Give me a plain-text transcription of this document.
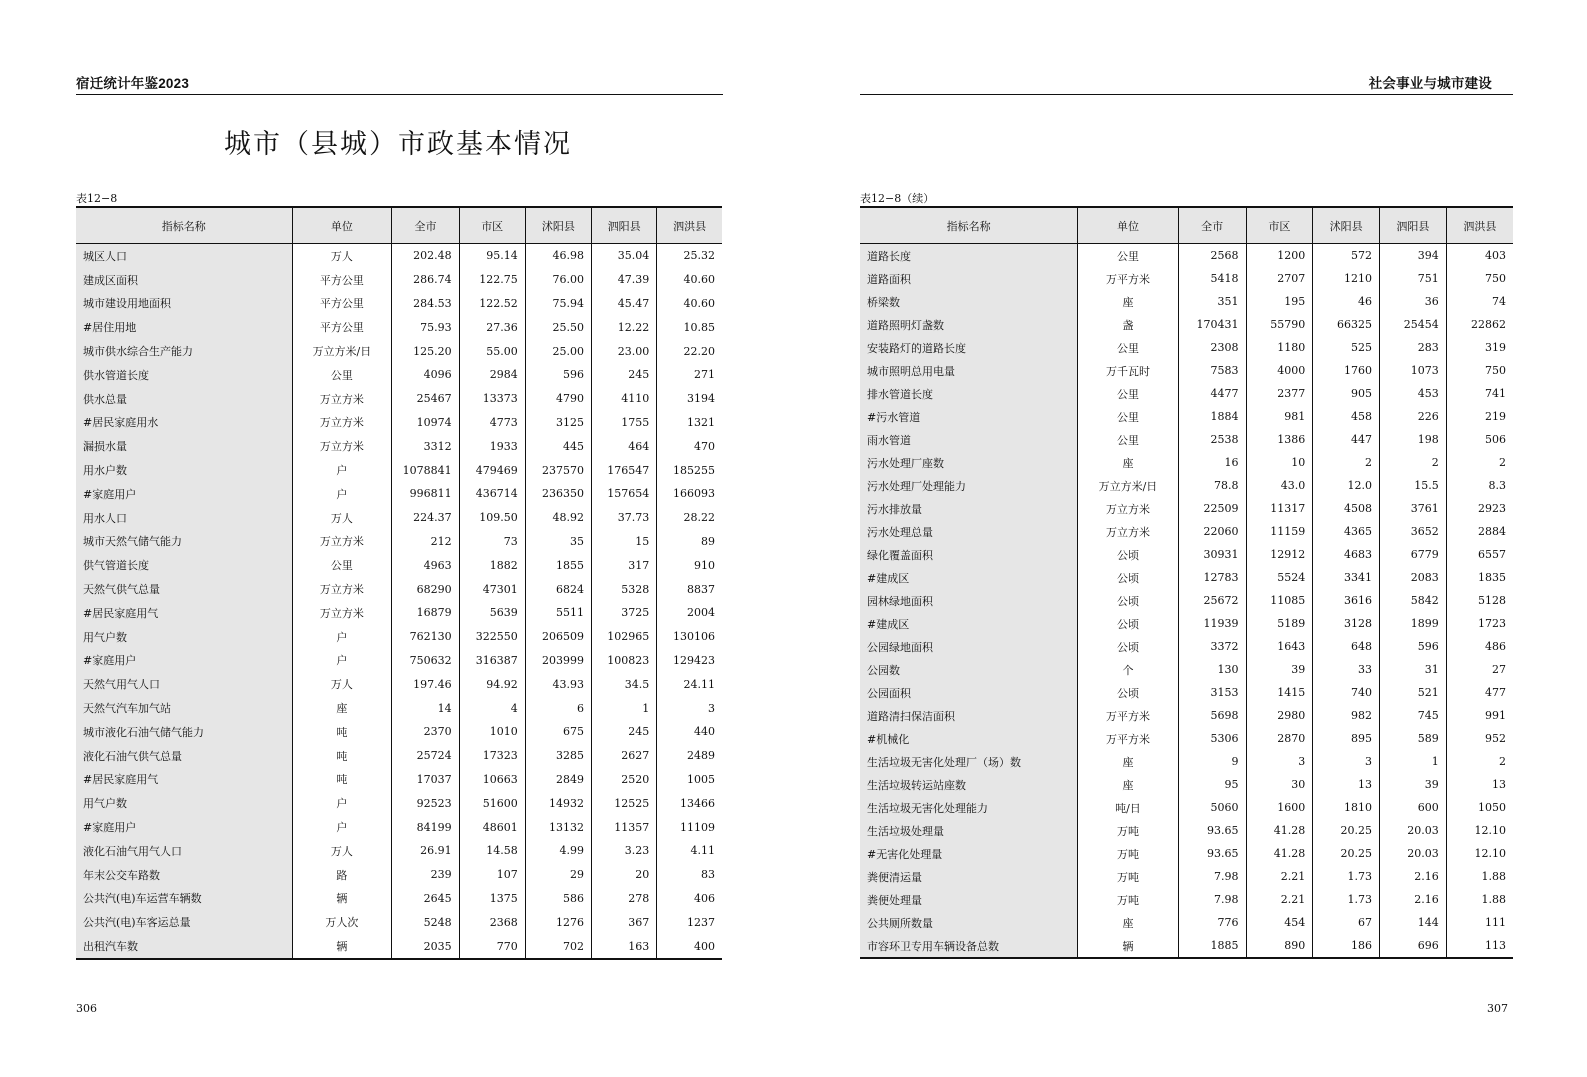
宿迁统计年鉴2023
城市（县城）市政基本情况
表12−8
指标名称	单位	全市	市区	沭阳县	泗阳县	泗洪县
城区人口	万人	202.48	95.14	46.98	35.04	25.32
建成区面积	平方公里	286.74	122.75	76.00	47.39	40.60
城市建设用地面积	平方公里	284.53	122.52	75.94	45.47	40.60
#居住用地	平方公里	75.93	27.36	25.50	12.22	10.85
城市供水综合生产能力	万立方米/日	125.20	55.00	25.00	23.00	22.20
供水管道长度	公里	4096	2984	596	245	271
供水总量	万立方米	25467	13373	4790	4110	3194
#居民家庭用水	万立方米	10974	4773	3125	1755	1321
漏损水量	万立方米	3312	1933	445	464	470
用水户数	户	1078841	479469	237570	176547	185255
#家庭用户	户	996811	436714	236350	157654	166093
用水人口	万人	224.37	109.50	48.92	37.73	28.22
城市天然气储气能力	万立方米	212	73	35	15	89
供气管道长度	公里	4963	1882	1855	317	910
天然气供气总量	万立方米	68290	47301	6824	5328	8837
#居民家庭用气	万立方米	16879	5639	5511	3725	2004
用气户数	户	762130	322550	206509	102965	130106
#家庭用户	户	750632	316387	203999	100823	129423
天然气用气人口	万人	197.46	94.92	43.93	34.5	24.11
天然气汽车加气站	座	14	4	6	1	3
城市液化石油气储气能力	吨	2370	1010	675	245	440
液化石油气供气总量	吨	25724	17323	3285	2627	2489
#居民家庭用气	吨	17037	10663	2849	2520	1005
用气户数	户	92523	51600	14932	12525	13466
#家庭用户	户	84199	48601	13132	11357	11109
液化石油气用气人口	万人	26.91	14.58	4.99	3.23	4.11
年末公交车路数	路	239	107	29	20	83
公共汽(电)车运营车辆数	辆	2645	1375	586	278	406
公共汽(电)车客运总量	万人次	5248	2368	1276	367	1237
出租汽车数	辆	2035	770	702	163	400
306
社会事业与城市建设
表12−8（续）
指标名称	单位	全市	市区	沭阳县	泗阳县	泗洪县
道路长度	公里	2568	1200	572	394	403
道路面积	万平方米	5418	2707	1210	751	750
桥梁数	座	351	195	46	36	74
道路照明灯盏数	盏	170431	55790	66325	25454	22862
安装路灯的道路长度	公里	2308	1180	525	283	319
城市照明总用电量	万千瓦时	7583	4000	1760	1073	750
排水管道长度	公里	4477	2377	905	453	741
#污水管道	公里	1884	981	458	226	219
雨水管道	公里	2538	1386	447	198	506
污水处理厂座数	座	16	10	2	2	2
污水处理厂处理能力	万立方米/日	78.8	43.0	12.0	15.5	8.3
污水排放量	万立方米	22509	11317	4508	3761	2923
污水处理总量	万立方米	22060	11159	4365	3652	2884
绿化覆盖面积	公顷	30931	12912	4683	6779	6557
#建成区	公顷	12783	5524	3341	2083	1835
园林绿地面积	公顷	25672	11085	3616	5842	5128
#建成区	公顷	11939	5189	3128	1899	1723
公园绿地面积	公顷	3372	1643	648	596	486
公园数	个	130	39	33	31	27
公园面积	公顷	3153	1415	740	521	477
道路清扫保洁面积	万平方米	5698	2980	982	745	991
#机械化	万平方米	5306	2870	895	589	952
生活垃圾无害化处理厂（场）数	座	9	3	3	1	2
生活垃圾转运站座数	座	95	30	13	39	13
生活垃圾无害化处理能力	吨/日	5060	1600	1810	600	1050
生活垃圾处理量	万吨	93.65	41.28	20.25	20.03	12.10
#无害化处理量	万吨	93.65	41.28	20.25	20.03	12.10
粪便清运量	万吨	7.98	2.21	1.73	2.16	1.88
粪便处理量	万吨	7.98	2.21	1.73	2.16	1.88
公共厕所数量	座	776	454	67	144	111
市容环卫专用车辆设备总数	辆	1885	890	186	696	113
307
